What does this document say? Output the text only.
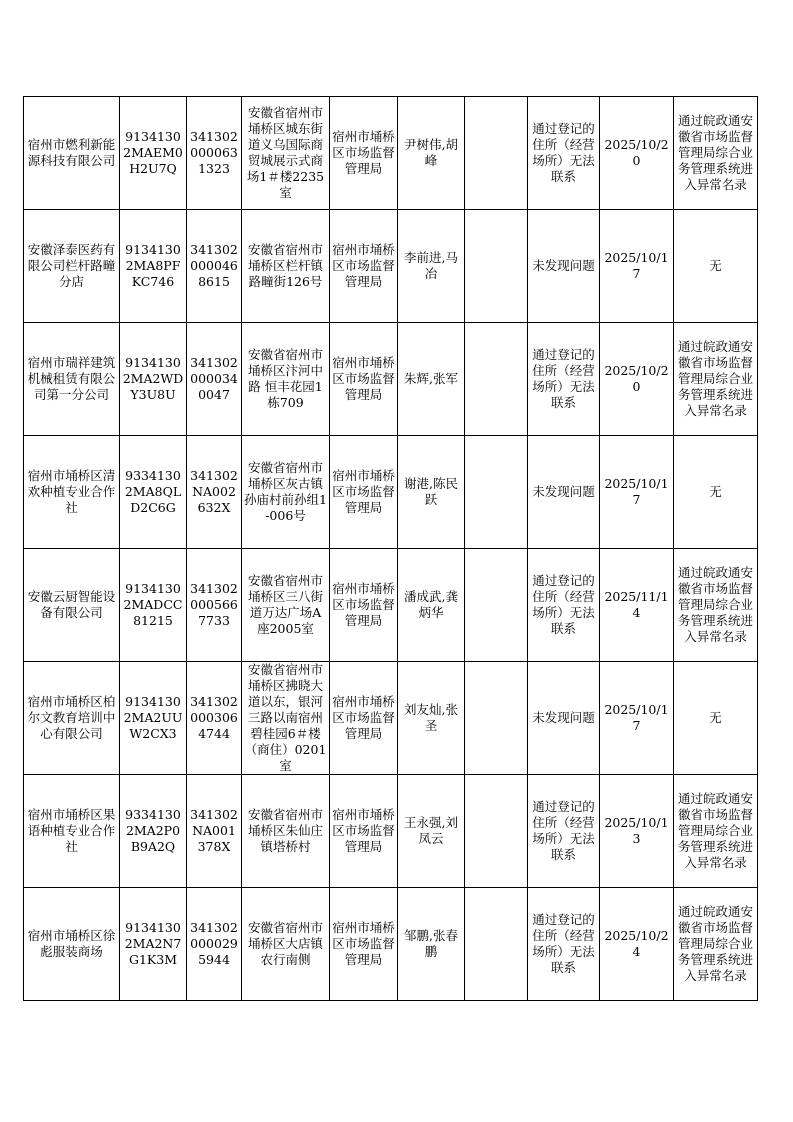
宿州市燃利新能源科技有限公司	91341302MAEM0H2U7Q	3413020000631323	安徽省宿州市埇桥区城东街道义乌国际商贸城展示式商场1＃楼2235室	宿州市埇桥区市场监督管理局	尹树伟,胡峰		通过登记的住所（经营场所）无法联系	2025/10/20	通过皖政通安徽省市场监督管理局综合业务管理系统进入异常名录
安徽泽泰医药有限公司栏杆路疃分店	91341302MA8PFKC746	3413020000468615	安徽省宿州市埇桥区栏杆镇路疃街126号	宿州市埇桥区市场监督管理局	李前进,马冶		未发现问题	2025/10/17	无
宿州市瑞祥建筑机械租赁有限公司第一分公司	91341302MA2WDY3U8U	3413020000340047	安徽省宿州市埇桥区汴河中路 恒丰花园1栋709	宿州市埇桥区市场监督管理局	朱辉,张军		通过登记的住所（经营场所）无法联系	2025/10/20	通过皖政通安徽省市场监督管理局综合业务管理系统进入异常名录
宿州市埇桥区清欢种植专业合作社	93341302MA8QLD2C6G	341302NA002632X	安徽省宿州市埇桥区灰古镇孙庙村前孙组1-006号	宿州市埇桥区市场监督管理局	谢港,陈民跃		未发现问题	2025/10/17	无
安徽云厨智能设备有限公司	91341302MADCC81215	3413020005667733	安徽省宿州市埇桥区三八街道万达广场A座2005室	宿州市埇桥区市场监督管理局	潘成武,龚炳华		通过登记的住所（经营场所）无法联系	2025/11/14	通过皖政通安徽省市场监督管理局综合业务管理系统进入异常名录
宿州市埇桥区柏尔文教育培训中心有限公司	91341302MA2UUW2CX3	3413020003064744	安徽省宿州市埇桥区拂晓大道以东，银河三路以南宿州碧桂园6＃楼（商住）0201室	宿州市埇桥区市场监督管理局	刘友灿,张圣		未发现问题	2025/10/17	无
宿州市埇桥区果语种植专业合作社	93341302MA2P0B9A2Q	341302NA001378X	安徽省宿州市埇桥区朱仙庄镇塔桥村	宿州市埇桥区市场监督管理局	王永强,刘凤云		通过登记的住所（经营场所）无法联系	2025/10/13	通过皖政通安徽省市场监督管理局综合业务管理系统进入异常名录
宿州市埇桥区徐彪服装商场	91341302MA2N7G1K3M	3413020000295944	安徽省宿州市埇桥区大店镇农行南侧	宿州市埇桥区市场监督管理局	邹鹏,张春鹏		通过登记的住所（经营场所）无法联系	2025/10/24	通过皖政通安徽省市场监督管理局综合业务管理系统进入异常名录
